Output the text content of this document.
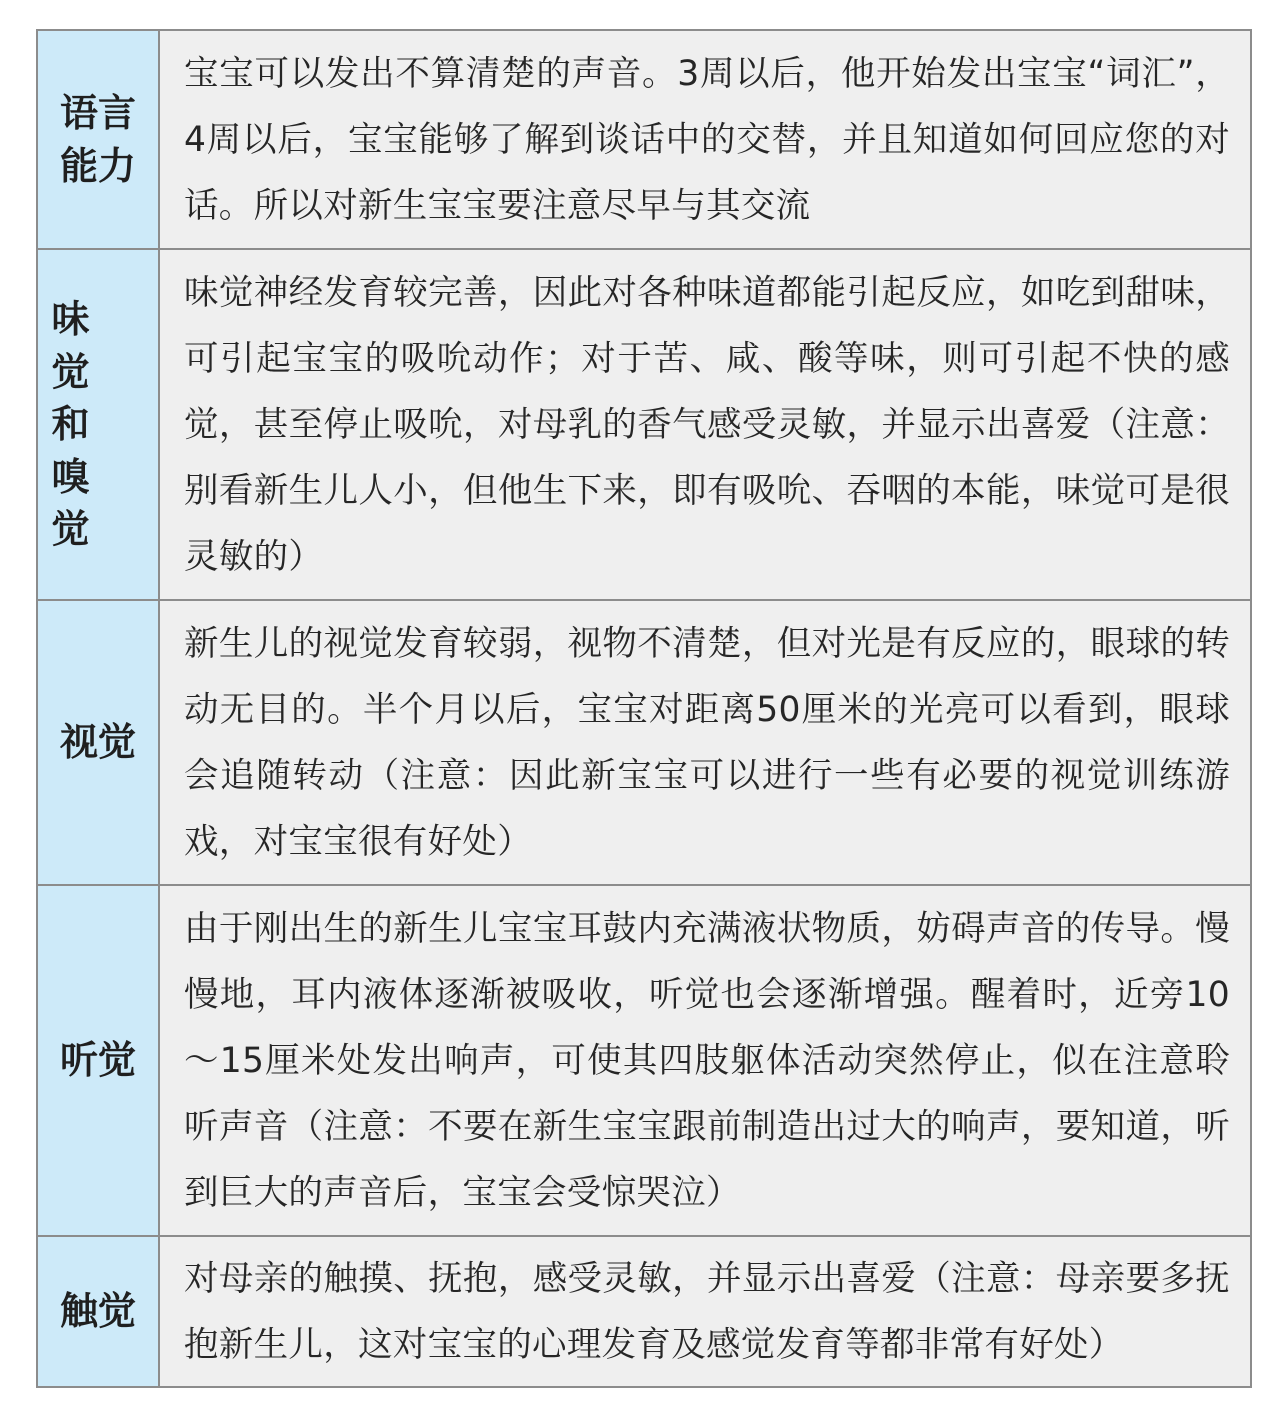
语言能力	宝宝可以发出不算清楚的声音。3周以后，他开始发出宝宝“词汇”，4周以后，宝宝能够了解到谈话中的交替，并且知道如何回应您的对话。所以对新生宝宝要注意尽早与其交流

味觉和嗅觉	味觉神经发育较完善，因此对各种味道都能引起反应，如吃到甜味，可引起宝宝的吸吮动作；对于苦、咸、酸等味，则可引起不快的感觉，甚至停止吸吮，对母乳的香气感受灵敏，并显示出喜爱（注意：别看新生儿人小，但他生下来，即有吸吮、吞咽的本能，味觉可是很灵敏的）

视觉	新生儿的视觉发育较弱，视物不清楚，但对光是有反应的，眼球的转动无目的。半个月以后，宝宝对距离50厘米的光亮可以看到，眼球会追随转动（注意：因此新宝宝可以进行一些有必要的视觉训练游戏，对宝宝很有好处）

听觉	由于刚出生的新生儿宝宝耳鼓内充满液状物质，妨碍声音的传导。慢慢地，耳内液体逐渐被吸收，听觉也会逐渐增强。醒着时，近旁10～15厘米处发出响声，可使其四肢躯体活动突然停止，似在注意聆听声音（注意：不要在新生宝宝跟前制造出过大的响声，要知道，听到巨大的声音后，宝宝会受惊哭泣）

触觉	对母亲的触摸、抚抱，感受灵敏，并显示出喜爱（注意：母亲要多抚抱新生儿，这对宝宝的心理发育及感觉发育等都非常有好处）
